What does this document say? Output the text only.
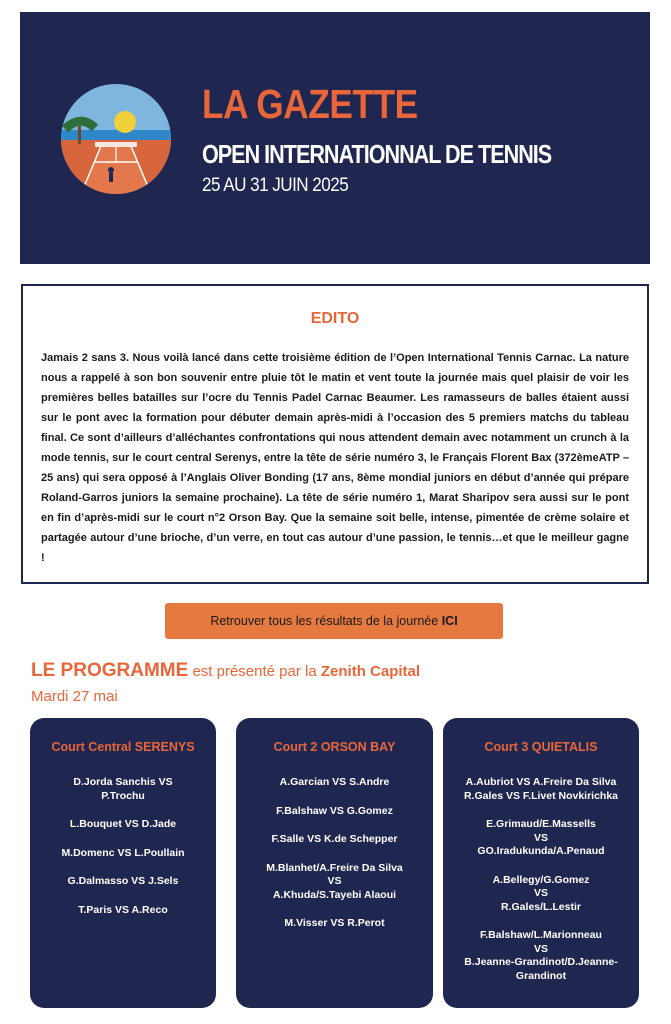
LA GAZETTE
OPEN INTERNATIONNAL DE TENNIS
25 AU 31 JUIN 2025
EDITO
Jamais 2 sans 3. Nous voilà lancé dans cette troisième édition de l’Open International Tennis Carnac. La nature nous a rappelé à son bon souvenir entre pluie tôt le matin et vent toute la journée mais quel plaisir de voir les premières belles batailles sur l’ocre du Tennis Padel Carnac Beaumer. Les ramasseurs de balles étaient aussi sur le pont avec la formation pour débuter demain après-midi à l’occasion des 5 premiers matchs du tableau final. Ce sont d’ailleurs d’alléchantes confrontations qui nous attendent demain avec notamment un crunch à la mode tennis, sur le court central Serenys, entre la tête de série numéro 3, le Français Florent Bax (372èmeATP – 25 ans) qui sera opposé à l’Anglais Oliver Bonding (17 ans, 8ème mondial juniors en début d’année qui prépare Roland-Garros juniors la semaine prochaine). La tête de série numéro 1, Marat Sharipov sera aussi sur le pont en fin d’après-midi sur le court n°2 Orson Bay. Que la semaine soit belle, intense, pimentée de crème solaire et partagée autour d’une brioche, d’un verre, en tout cas autour d’une passion, le tennis…et que le meilleur gagne !
Retrouver tous les résultats de la journée ICI
LE PROGRAMME est présenté par la Zenith Capital
Mardi 27 mai
Court Central SERENYS
D.Jorda Sanchis VS
P.Trochu
L.Bouquet VS D.Jade
M.Domenc VS L.Poullain
G.Dalmasso VS J.Sels
T.Paris VS A.Reco
Court 2 ORSON BAY
A.Garcian VS S.Andre
F.Balshaw VS G.Gomez
F.Salle VS K.de Schepper
M.Blanhet/A.Freire Da Silva
VS
A.Khuda/S.Tayebi Alaoui
M.Visser VS R.Perot
Court 3 QUIETALIS
A.Aubriot VS A.Freire Da Silva
R.Gales VS F.Livet Novkirichka
E.Grimaud/E.Massells
VS
GO.Iradukunda/A.Penaud
A.Bellegy/G.Gomez
VS
R.Gales/L.Lestir
F.Balshaw/L.Marionneau
VS
B.Jeanne-Grandinot/D.Jeanne-
Grandinot
